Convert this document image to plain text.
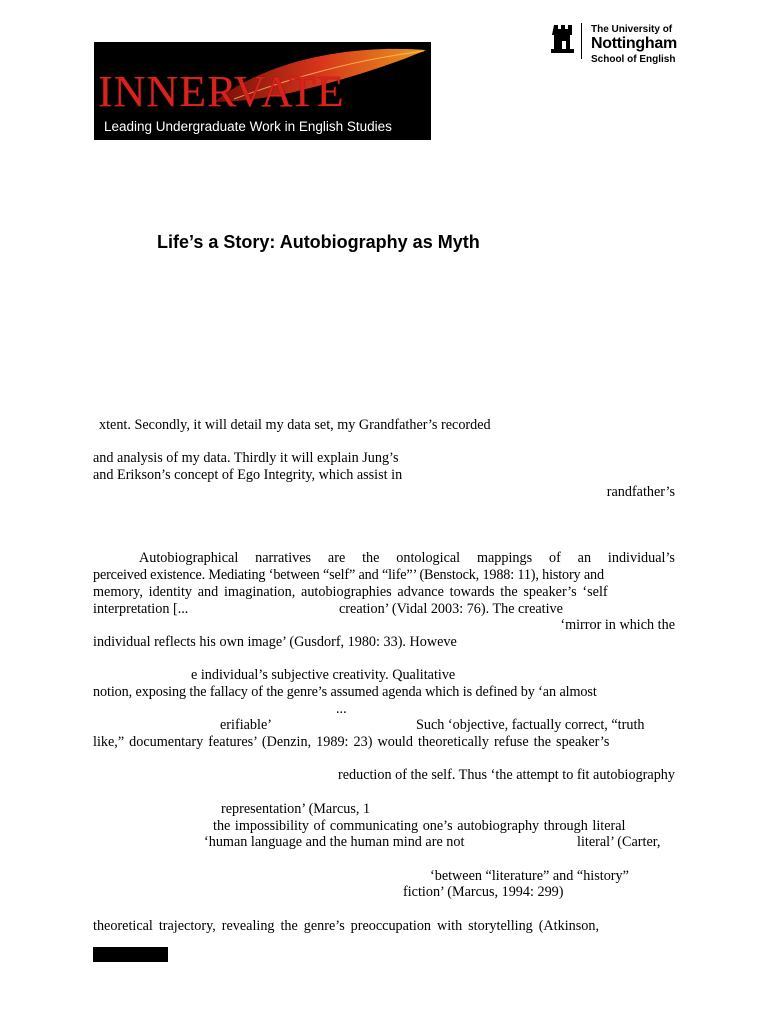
INNERVATE
Leading Undergraduate Work in English Studies
The University of
Nottingham
School of English
Life’s a Story: Autobiography as Myth
xtent. Secondly, it will detail my data set, my Grandfather’s recorded
and analysis of my data. Thirdly it will explain Jung’s
and Erikson’s concept of Ego Integrity, which assist in
randfather’s
Autobiographical narratives are the ontological mappings of an individual’s
perceived existence. Mediating ‘between “self” and “life”’ (Benstock, 1988: 11), history and
memory, identity and imagination, autobiographies advance towards the speaker’s ‘self
interpretation [...	creation’ (Vidal 2003: 76). The creative
‘mirror in which the
individual reflects his own image’ (Gusdorf, 1980: 33). Howeve
e individual’s subjective creativity. Qualitative
notion, exposing the fallacy of the genre’s assumed agenda which is defined by ‘an almost
...
erifiable’	Such ‘objective, factually correct, “truth
like,” documentary features’ (Denzin, 1989: 23) would theoretically refuse the speaker’s
reduction of the self. Thus ‘the attempt to fit autobiography
representation’ (Marcus, 1
the impossibility of communicating one’s autobiography through literal
‘human language and the human mind are not	literal’ (Carter,
‘between “literature” and “history”
fiction’ (Marcus, 1994: 299)
theoretical trajectory, revealing the genre’s preoccupation with storytelling (Atkinson,
